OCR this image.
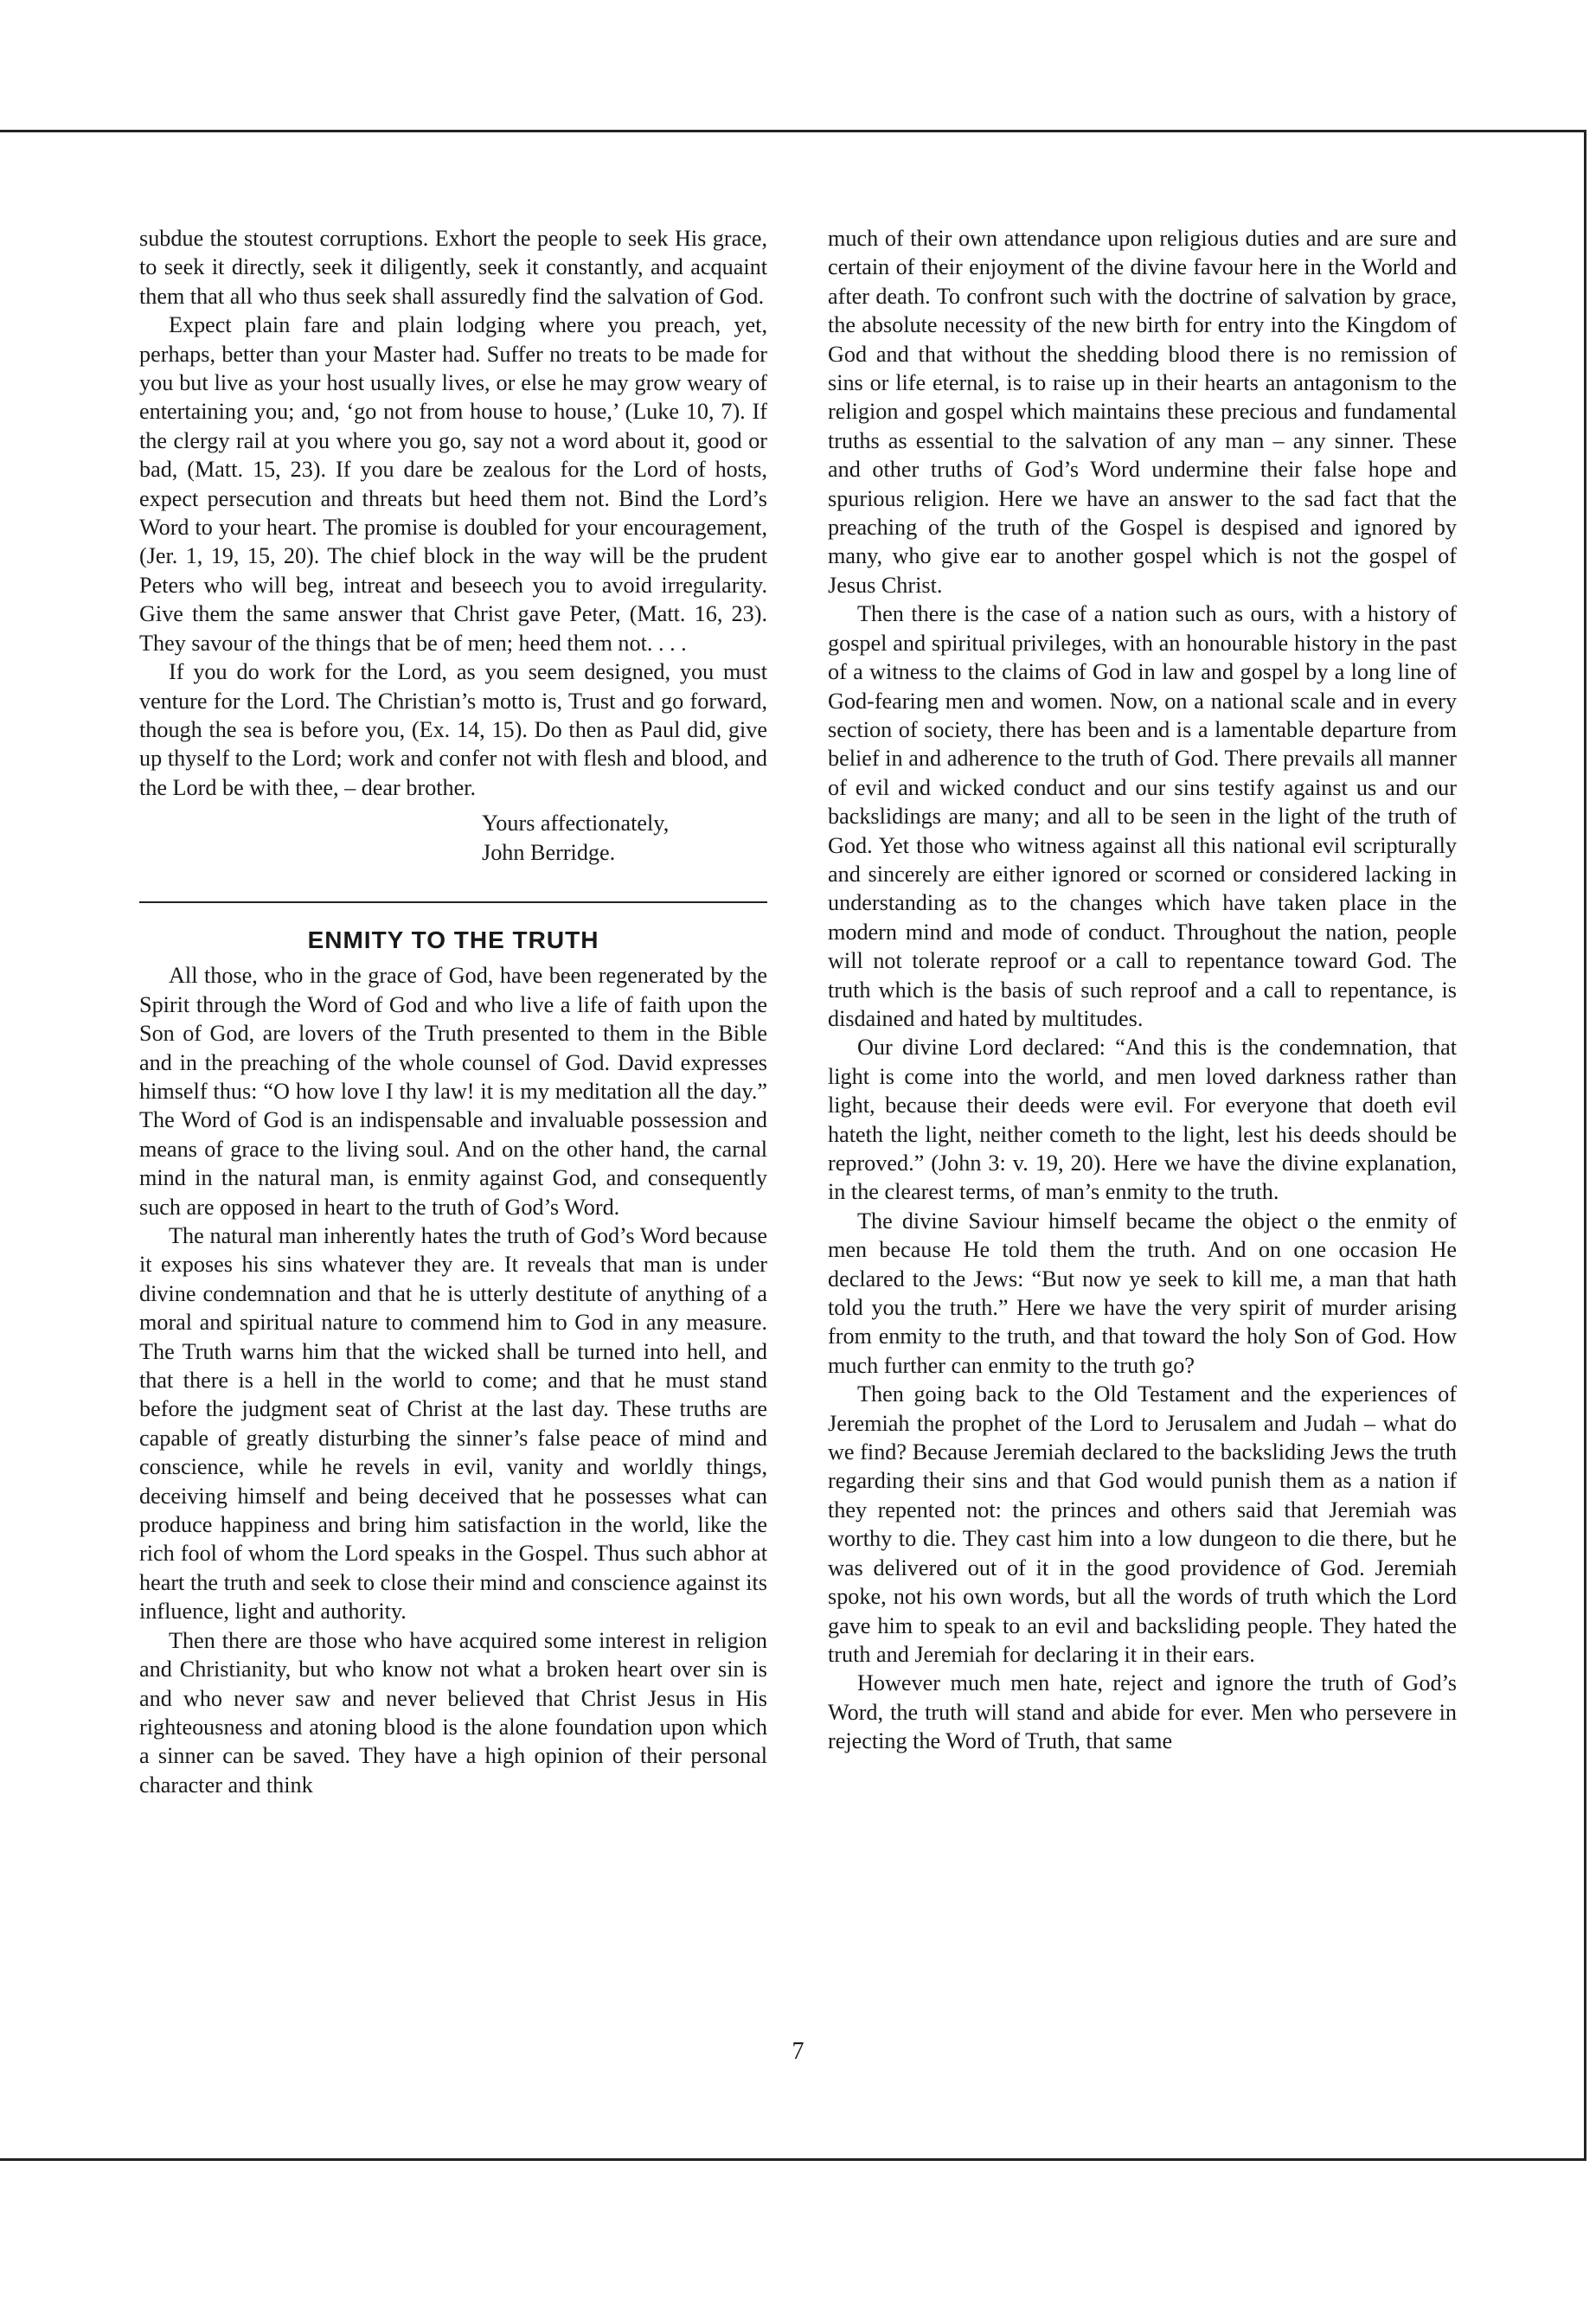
subdue the stoutest corruptions. Exhort the people to seek His grace, to seek it directly, seek it diligently, seek it constantly, and acquaint them that all who thus seek shall assuredly find the salvation of God.

Expect plain fare and plain lodging where you preach, yet, perhaps, better than your Master had. Suffer no treats to be made for you but live as your host usually lives, or else he may grow weary of entertaining you; and, ‘go not from house to house,’ (Luke 10, 7). If the clergy rail at you where you go, say not a word about it, good or bad, (Matt. 15, 23). If you dare be zealous for the Lord of hosts, expect persecution and threats but heed them not. Bind the Lord’s Word to your heart. The promise is doubled for your encouragement, (Jer. 1, 19, 15, 20). The chief block in the way will be the prudent Peters who will beg, intreat and beseech you to avoid irregularity. Give them the same answer that Christ gave Peter, (Matt. 16, 23). They savour of the things that be of men; heed them not. . . .

If you do work for the Lord, as you seem designed, you must venture for the Lord. The Christian’s motto is, Trust and go forward, though the sea is before you, (Ex. 14, 15). Do then as Paul did, give up thyself to the Lord; work and confer not with flesh and blood, and the Lord be with thee, – dear brother.

Yours affectionately,
John Berridge.
ENMITY TO THE TRUTH

All those, who in the grace of God, have been regenerated by the Spirit through the Word of God and who live a life of faith upon the Son of God, are lovers of the Truth presented to them in the Bible and in the preaching of the whole counsel of God. David expresses himself thus: “O how love I thy law! it is my meditation all the day.” The Word of God is an indispensable and invaluable possession and means of grace to the living soul. And on the other hand, the carnal mind in the natural man, is enmity against God, and consequently such are opposed in heart to the truth of God’s Word.

The natural man inherently hates the truth of God’s Word because it exposes his sins whatever they are. It reveals that man is under divine condemnation and that he is utterly destitute of anything of a moral and spiritual nature to commend him to God in any measure. The Truth warns him that the wicked shall be turned into hell, and that there is a hell in the world to come; and that he must stand before the judgment seat of Christ at the last day. These truths are capable of greatly disturbing the sinner’s false peace of mind and conscience, while he revels in evil, vanity and worldly things, deceiving himself and being deceived that he possesses what can produce happiness and bring him satisfaction in the world, like the rich fool of whom the Lord speaks in the Gospel. Thus such abhor at heart the truth and seek to close their mind and conscience against its influence, light and authority.

Then there are those who have acquired some interest in religion and Christianity, but who know not what a broken heart over sin is and who never saw and never believed that Christ Jesus in His righteousness and atoning blood is the alone foundation upon which a sinner can be saved. They have a high opinion of their personal character and think

much of their own attendance upon religious duties and are sure and certain of their enjoyment of the divine favour here in the World and after death. To confront such with the doctrine of salvation by grace, the absolute necessity of the new birth for entry into the Kingdom of God and that without the shedding blood there is no remission of sins or life eternal, is to raise up in their hearts an antagonism to the religion and gospel which maintains these precious and fundamental truths as essential to the salvation of any man – any sinner. These and other truths of God’s Word undermine their false hope and spurious religion. Here we have an answer to the sad fact that the preaching of the truth of the Gospel is despised and ignored by many, who give ear to another gospel which is not the gospel of Jesus Christ.

Then there is the case of a nation such as ours, with a history of gospel and spiritual privileges, with an honourable history in the past of a witness to the claims of God in law and gospel by a long line of God-fearing men and women. Now, on a national scale and in every section of society, there has been and is a lamentable departure from belief in and adherence to the truth of God. There prevails all manner of evil and wicked conduct and our sins testify against us and our backslidings are many; and all to be seen in the light of the truth of God. Yet those who witness against all this national evil scripturally and sincerely are either ignored or scorned or considered lacking in understanding as to the changes which have taken place in the modern mind and mode of conduct. Throughout the nation, people will not tolerate reproof or a call to repentance toward God. The truth which is the basis of such reproof and a call to repentance, is disdained and hated by multitudes.

Our divine Lord declared: “And this is the condemnation, that light is come into the world, and men loved darkness rather than light, because their deeds were evil. For everyone that doeth evil hateth the light, neither cometh to the light, lest his deeds should be reproved.” (John 3: v. 19, 20). Here we have the divine explanation, in the clearest terms, of man’s enmity to the truth.

The divine Saviour himself became the object o the enmity of men because He told them the truth. And on one occasion He declared to the Jews: “But now ye seek to kill me, a man that hath told you the truth.” Here we have the very spirit of murder arising from enmity to the truth, and that toward the holy Son of God. How much further can enmity to the truth go?

Then going back to the Old Testament and the experiences of Jeremiah the prophet of the Lord to Jerusalem and Judah – what do we find? Because Jeremiah declared to the backsliding Jews the truth regarding their sins and that God would punish them as a nation if they repented not: the princes and others said that Jeremiah was worthy to die. They cast him into a low dungeon to die there, but he was delivered out of it in the good providence of God. Jeremiah spoke, not his own words, but all the words of truth which the Lord gave him to speak to an evil and backsliding people. They hated the truth and Jeremiah for declaring it in their ears.

However much men hate, reject and ignore the truth of God’s Word, the truth will stand and abide for ever. Men who persevere in rejecting the Word of Truth, that same

7
